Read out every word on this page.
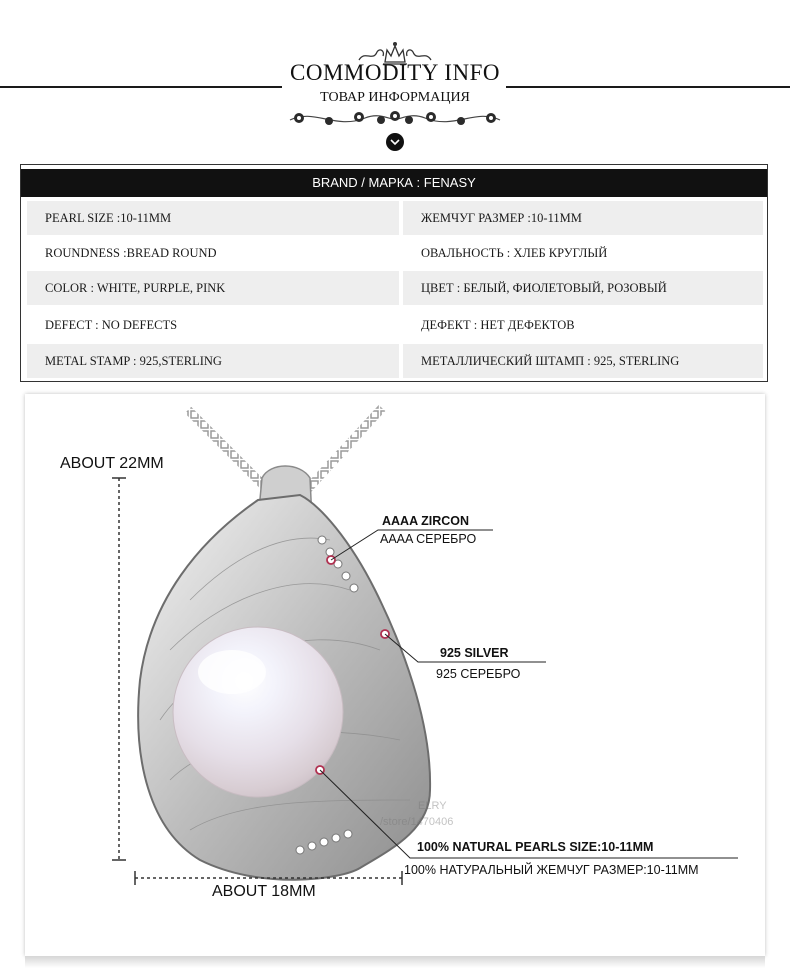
COMMODITY INFO
ТОВАР ИНФОРМАЦИЯ
BRAND / МАРКА : FENASY
PEARL SIZE :10-11MM	ЖЕМЧУГ РАЗМЕР :10-11MM
ROUNDNESS :BREAD ROUND	ОВАЛЬНОСТЬ : ХЛЕБ КРУГЛЫЙ
COLOR : WHITE, PURPLE, PINK	ЦВЕТ : БЕЛЫЙ, ФИОЛЕТОВЫЙ, РОЗОВЫЙ
DEFECT : NO DEFECTS	ДЕФЕКТ : НЕТ ДЕФЕКТОВ
METAL STAMP : 925,STERLING	МЕТАЛЛИЧЕСКИЙ ШТАМП : 925, STERLING
ELRY
/store/1470406
ABOUT 22MM
ABOUT 18MM
AAAA ZIRCON
AAAA СЕРЕБРО
925 SILVER
925 СЕРЕБРО
100% NATURAL PEARLS SIZE:10-11MM
100% НАТУРАЛЬНЫЙ ЖЕМЧУГ РАЗМЕР:10-11MM
